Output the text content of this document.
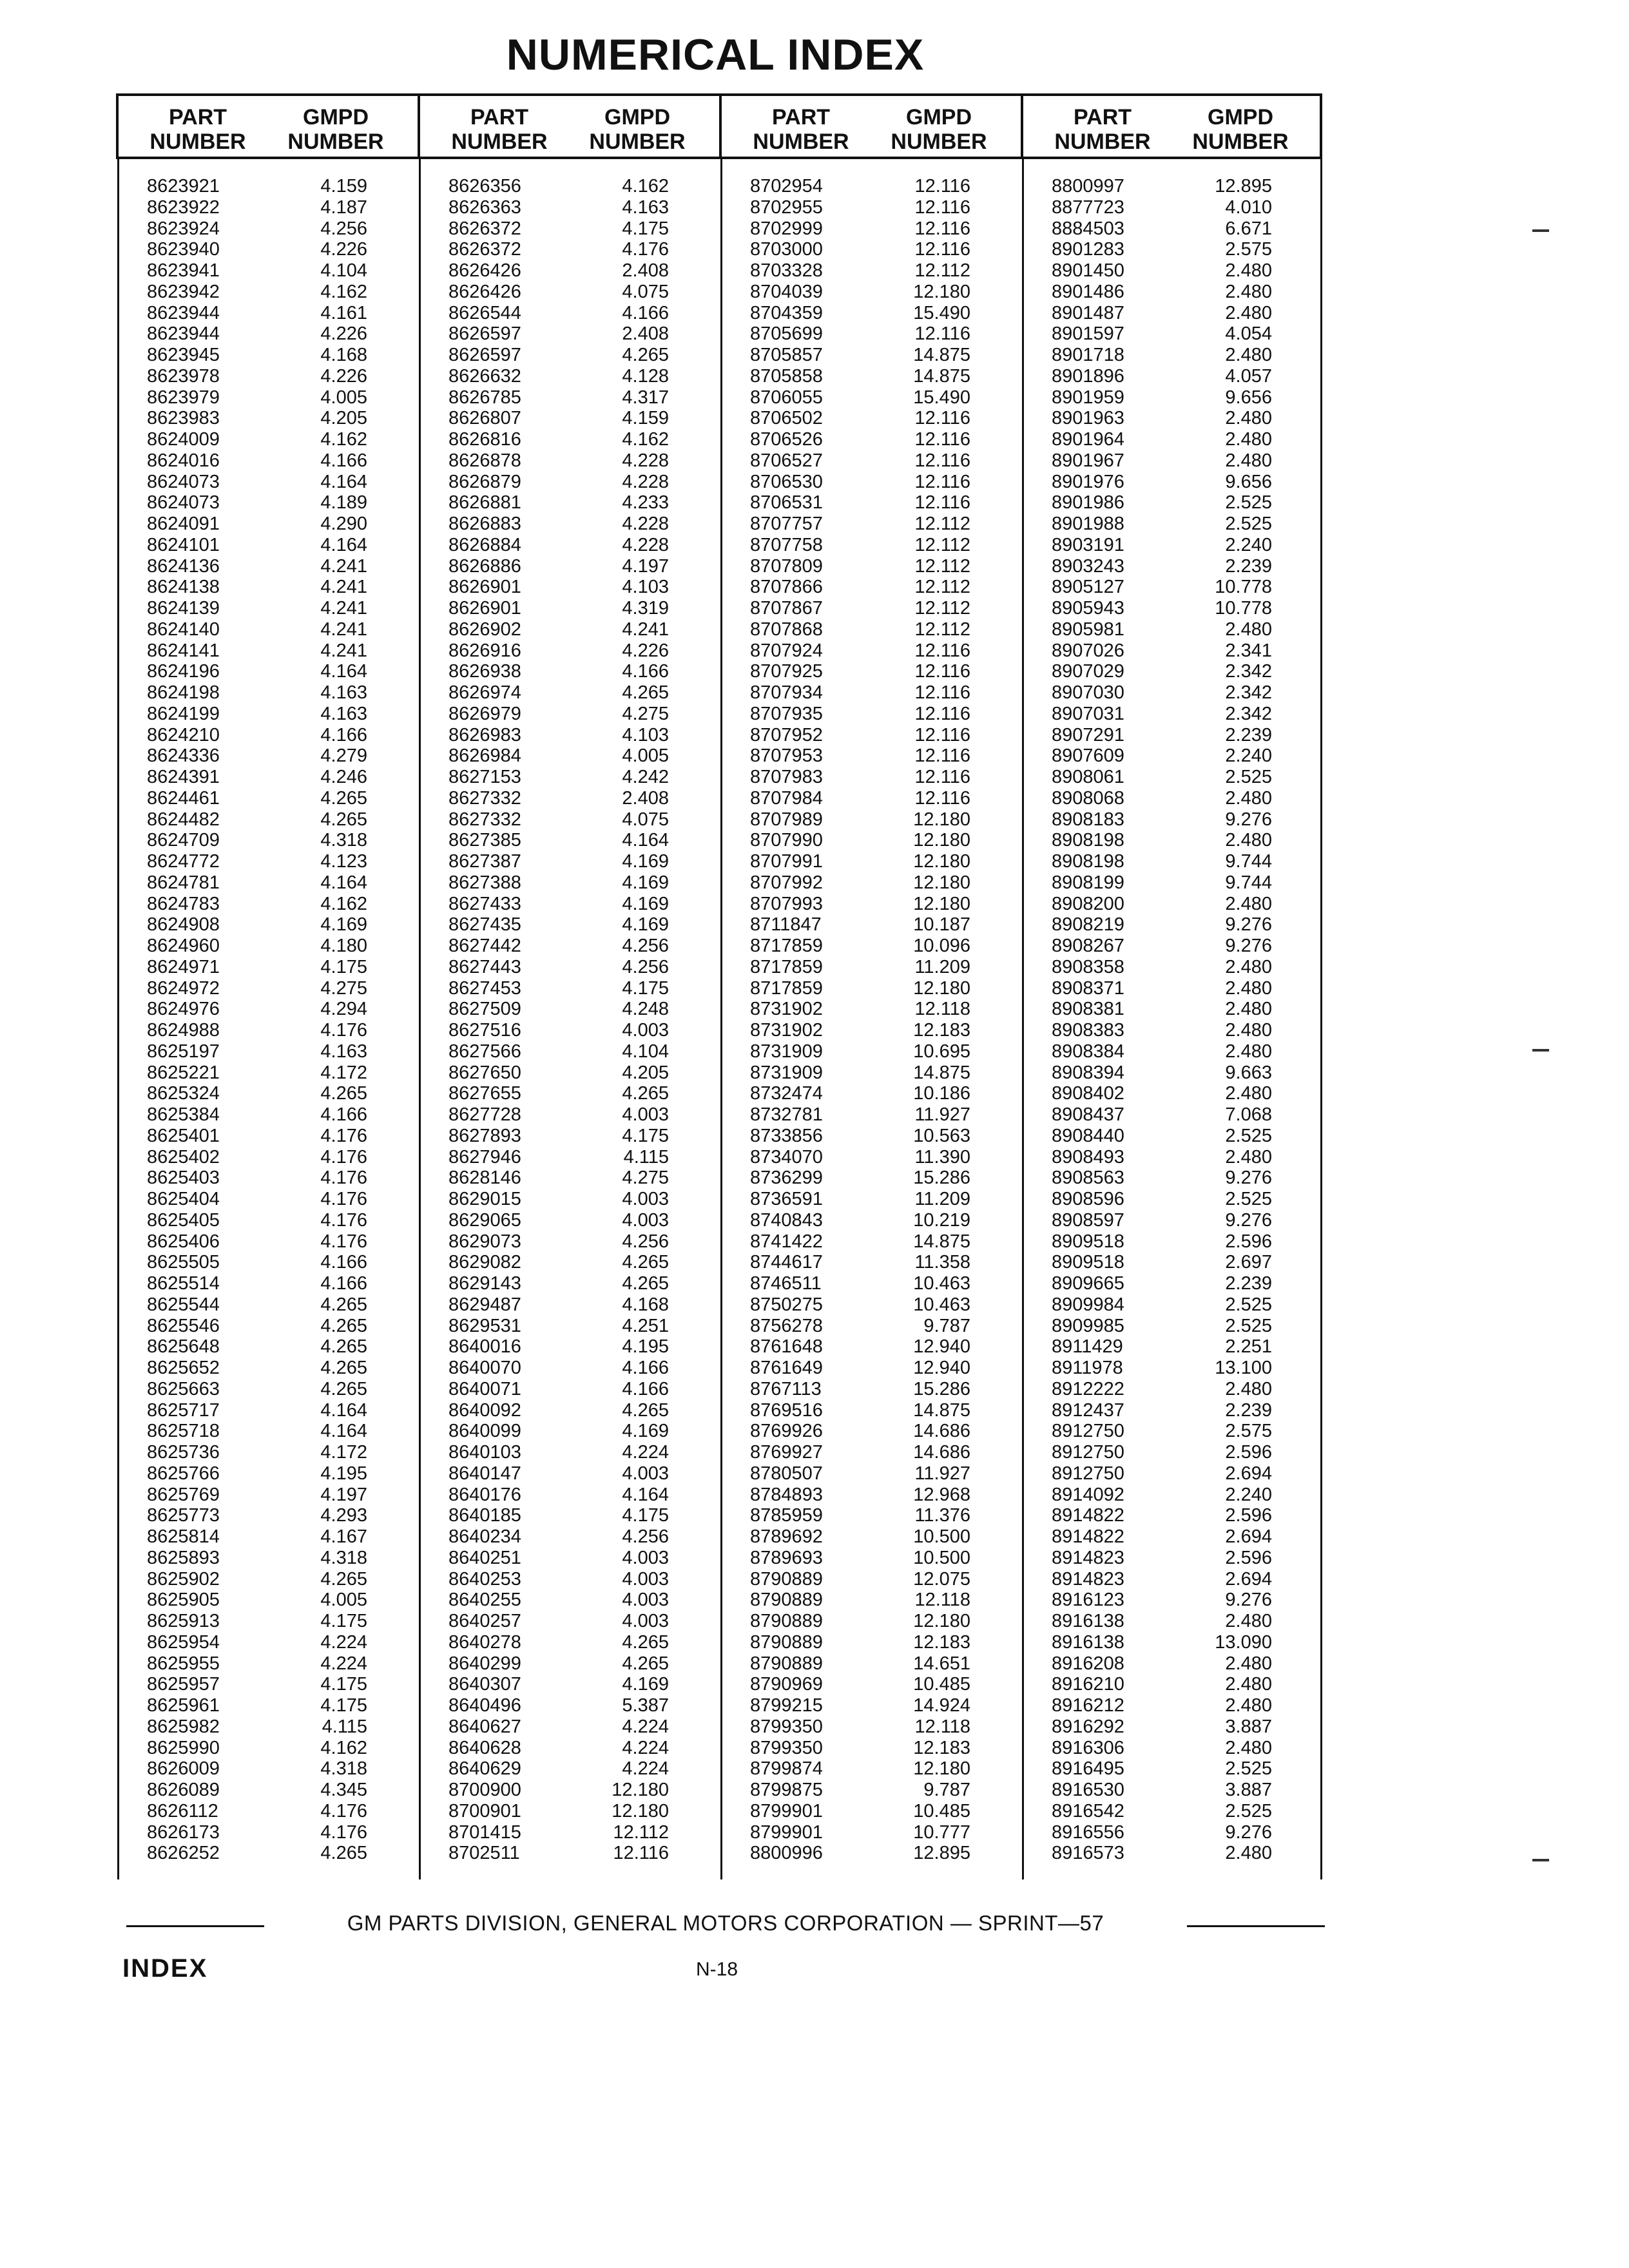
NUMERICAL INDEX
PART
NUMBER
GMPD
NUMBER
8623921	4.159
8623922	4.187
8623924	4.256
8623940	4.226
8623941	4.104
8623942	4.162
8623944	4.161
8623944	4.226
8623945	4.168
8623978	4.226
8623979	4.005
8623983	4.205
8624009	4.162
8624016	4.166
8624073	4.164
8624073	4.189
8624091	4.290
8624101	4.164
8624136	4.241
8624138	4.241
8624139	4.241
8624140	4.241
8624141	4.241
8624196	4.164
8624198	4.163
8624199	4.163
8624210	4.166
8624336	4.279
8624391	4.246
8624461	4.265
8624482	4.265
8624709	4.318
8624772	4.123
8624781	4.164
8624783	4.162
8624908	4.169
8624960	4.180
8624971	4.175
8624972	4.275
8624976	4.294
8624988	4.176
8625197	4.163
8625221	4.172
8625324	4.265
8625384	4.166
8625401	4.176
8625402	4.176
8625403	4.176
8625404	4.176
8625405	4.176
8625406	4.176
8625505	4.166
8625514	4.166
8625544	4.265
8625546	4.265
8625648	4.265
8625652	4.265
8625663	4.265
8625717	4.164
8625718	4.164
8625736	4.172
8625766	4.195
8625769	4.197
8625773	4.293
8625814	4.167
8625893	4.318
8625902	4.265
8625905	4.005
8625913	4.175
8625954	4.224
8625955	4.224
8625957	4.175
8625961	4.175
8625982	4.115
8625990	4.162
8626009	4.318
8626089	4.345
8626112	4.176
8626173	4.176
8626252	4.265
PART
NUMBER
GMPD
NUMBER
8626356	4.162
8626363	4.163
8626372	4.175
8626372	4.176
8626426	2.408
8626426	4.075
8626544	4.166
8626597	2.408
8626597	4.265
8626632	4.128
8626785	4.317
8626807	4.159
8626816	4.162
8626878	4.228
8626879	4.228
8626881	4.233
8626883	4.228
8626884	4.228
8626886	4.197
8626901	4.103
8626901	4.319
8626902	4.241
8626916	4.226
8626938	4.166
8626974	4.265
8626979	4.275
8626983	4.103
8626984	4.005
8627153	4.242
8627332	2.408
8627332	4.075
8627385	4.164
8627387	4.169
8627388	4.169
8627433	4.169
8627435	4.169
8627442	4.256
8627443	4.256
8627453	4.175
8627509	4.248
8627516	4.003
8627566	4.104
8627650	4.205
8627655	4.265
8627728	4.003
8627893	4.175
8627946	4.115
8628146	4.275
8629015	4.003
8629065	4.003
8629073	4.256
8629082	4.265
8629143	4.265
8629487	4.168
8629531	4.251
8640016	4.195
8640070	4.166
8640071	4.166
8640092	4.265
8640099	4.169
8640103	4.224
8640147	4.003
8640176	4.164
8640185	4.175
8640234	4.256
8640251	4.003
8640253	4.003
8640255	4.003
8640257	4.003
8640278	4.265
8640299	4.265
8640307	4.169
8640496	5.387
8640627	4.224
8640628	4.224
8640629	4.224
8700900	12.180
8700901	12.180
8701415	12.112
8702511	12.116
PART
NUMBER
GMPD
NUMBER
8702954	12.116
8702955	12.116
8702999	12.116
8703000	12.116
8703328	12.112
8704039	12.180
8704359	15.490
8705699	12.116
8705857	14.875
8705858	14.875
8706055	15.490
8706502	12.116
8706526	12.116
8706527	12.116
8706530	12.116
8706531	12.116
8707757	12.112
8707758	12.112
8707809	12.112
8707866	12.112
8707867	12.112
8707868	12.112
8707924	12.116
8707925	12.116
8707934	12.116
8707935	12.116
8707952	12.116
8707953	12.116
8707983	12.116
8707984	12.116
8707989	12.180
8707990	12.180
8707991	12.180
8707992	12.180
8707993	12.180
8711847	10.187
8717859	10.096
8717859	11.209
8717859	12.180
8731902	12.118
8731902	12.183
8731909	10.695
8731909	14.875
8732474	10.186
8732781	11.927
8733856	10.563
8734070	11.390
8736299	15.286
8736591	11.209
8740843	10.219
8741422	14.875
8744617	11.358
8746511	10.463
8750275	10.463
8756278	9.787
8761648	12.940
8761649	12.940
8767113	15.286
8769516	14.875
8769926	14.686
8769927	14.686
8780507	11.927
8784893	12.968
8785959	11.376
8789692	10.500
8789693	10.500
8790889	12.075
8790889	12.118
8790889	12.180
8790889	12.183
8790889	14.651
8790969	10.485
8799215	14.924
8799350	12.118
8799350	12.183
8799874	12.180
8799875	9.787
8799901	10.485
8799901	10.777
8800996	12.895
PART
NUMBER
GMPD
NUMBER
8800997	12.895
8877723	4.010
8884503	6.671
8901283	2.575
8901450	2.480
8901486	2.480
8901487	2.480
8901597	4.054
8901718	2.480
8901896	4.057
8901959	9.656
8901963	2.480
8901964	2.480
8901967	2.480
8901976	9.656
8901986	2.525
8901988	2.525
8903191	2.240
8903243	2.239
8905127	10.778
8905943	10.778
8905981	2.480
8907026	2.341
8907029	2.342
8907030	2.342
8907031	2.342
8907291	2.239
8907609	2.240
8908061	2.525
8908068	2.480
8908183	9.276
8908198	2.480
8908198	9.744
8908199	9.744
8908200	2.480
8908219	9.276
8908267	9.276
8908358	2.480
8908371	2.480
8908381	2.480
8908383	2.480
8908384	2.480
8908394	9.663
8908402	2.480
8908437	7.068
8908440	2.525
8908493	2.480
8908563	9.276
8908596	2.525
8908597	9.276
8909518	2.596
8909518	2.697
8909665	2.239
8909984	2.525
8909985	2.525
8911429	2.251
8911978	13.100
8912222	2.480
8912437	2.239
8912750	2.575
8912750	2.596
8912750	2.694
8914092	2.240
8914822	2.596
8914822	2.694
8914823	2.596
8914823	2.694
8916123	9.276
8916138	2.480
8916138	13.090
8916208	2.480
8916210	2.480
8916212	2.480
8916292	3.887
8916306	2.480
8916495	2.525
8916530	3.887
8916542	2.525
8916556	9.276
8916573	2.480
GM PARTS DIVISION, GENERAL MOTORS CORPORATION — SPRINT—57
INDEX	N-18
